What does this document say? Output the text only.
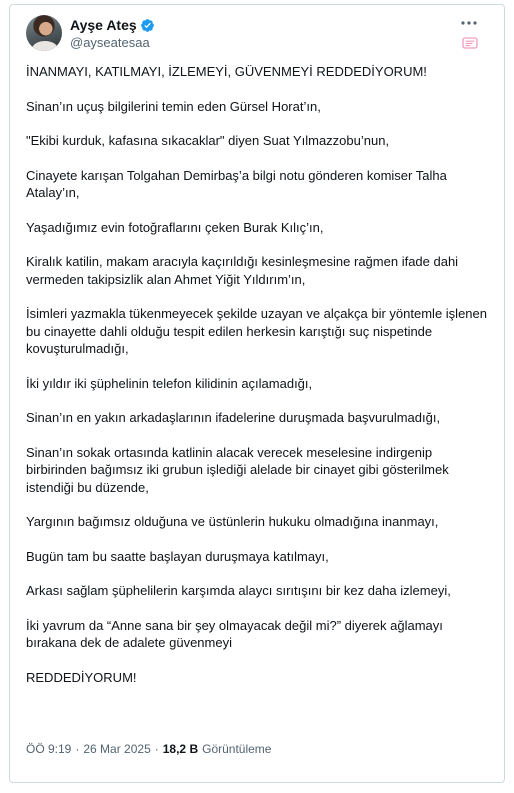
Ayşe Ateş
@ayseatesaa

İNANMAYI, KATILMAYI, İZLEMEYİ, GÜVENMEYİ REDDEDİYORUM!

Sinan’ın uçuş bilgilerini temin eden Gürsel Horat’ın,

"Ekibi kurduk, kafasına sıkacaklar" diyen Suat Yılmazzobu’nun,

Cinayete karışan Tolgahan Demirbaş’a bilgi notu gönderen komiser Talha Atalay’ın,

Yaşadığımız evin fotoğraflarını çeken Burak Kılıç’ın,

Kiralık katilin, makam aracıyla kaçırıldığı kesinleşmesine rağmen ifade dahi vermeden takipsizlik alan Ahmet Yiğit Yıldırım’ın,

İsimleri yazmakla tükenmeyecek şekilde uzayan ve alçakça bir yöntemle işlenen bu cinayette dahli olduğu tespit edilen herkesin karıştığı suç nispetinde kovuşturulmadığı,

İki yıldır iki şüphelinin telefon kilidinin açılamadığı,

Sinan’ın en yakın arkadaşlarının ifadelerine duruşmada başvurulmadığı,

Sinan’ın sokak ortasında katlinin alacak verecek meselesine indirgenip birbirinden bağımsız iki grubun işlediği alelade bir cinayet gibi gösterilmek istendiği bu düzende,

Yargının bağımsız olduğuna ve üstünlerin hukuku olmadığına inanmayı,

Bugün tam bu saatte başlayan duruşmaya katılmayı,

Arkası sağlam şüphelilerin karşımda alaycı sırıtışını bir kez daha izlemeyi,

İki yavrum da “Anne sana bir şey olmayacak değil mi?” diyerek ağlamayı bırakana dek de adalete güvenmeyi

REDDEDİYORUM!

ÖÖ 9:19 · 26 Mar 2025 · 18,2 B Görüntüleme
